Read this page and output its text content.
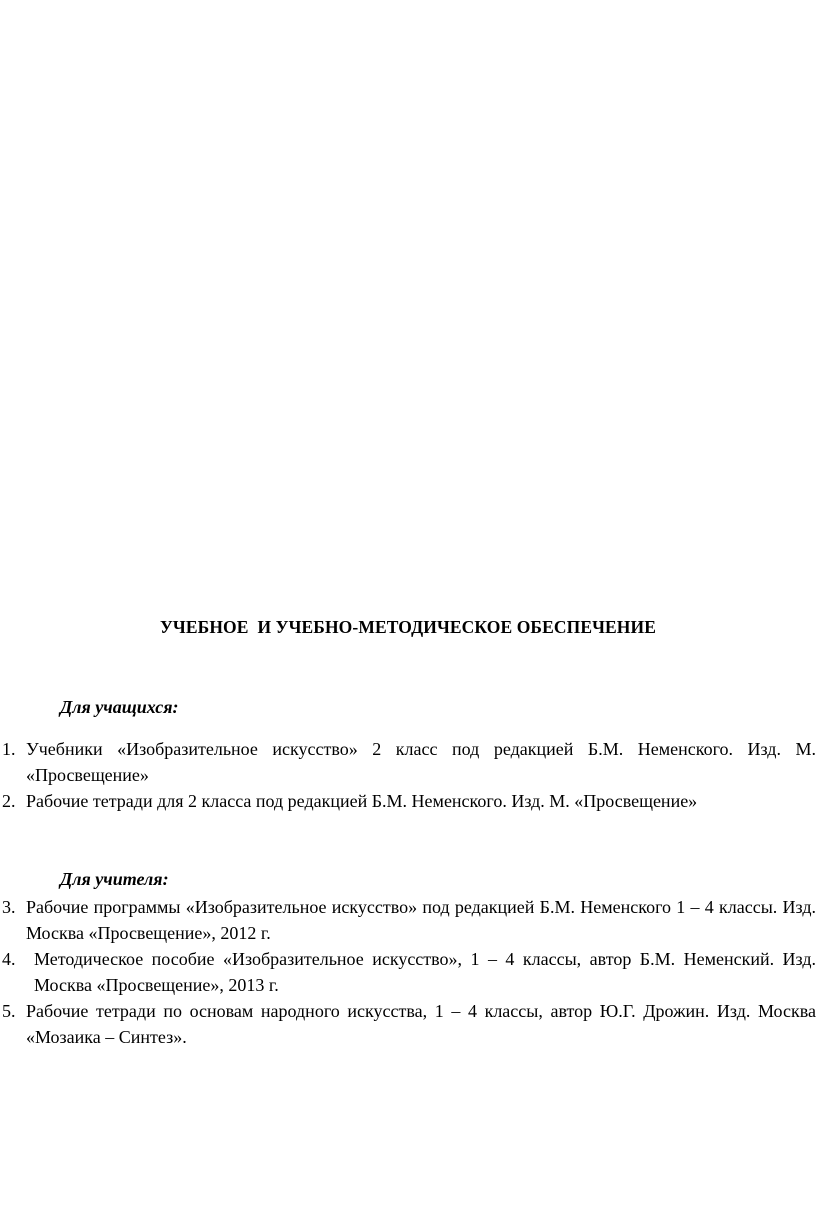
УЧЕБНОЕ  И УЧЕБНО-МЕТОДИЧЕСКОЕ ОБЕСПЕЧЕНИЕ
Для учащихся:
1. Учебники «Изобразительное искусство» 2 класс под редакцией Б.М. Неменского. Изд. М. «Просвещение»
2. Рабочие тетради для 2 класса под редакцией Б.М. Неменского. Изд. М. «Просвещение»
Для учителя:
3. Рабочие программы «Изобразительное искусство» под редакцией Б.М. Неменского 1 – 4 классы. Изд. Москва «Просвещение», 2012 г.
4.	Методическое пособие «Изобразительное искусство», 1 – 4 классы, автор Б.М. Неменский. Изд. Москва «Просвещение», 2013 г.
5. Рабочие тетради по основам народного искусства, 1 – 4 классы, автор Ю.Г. Дрожин. Изд. Москва «Мозаика – Синтез».
